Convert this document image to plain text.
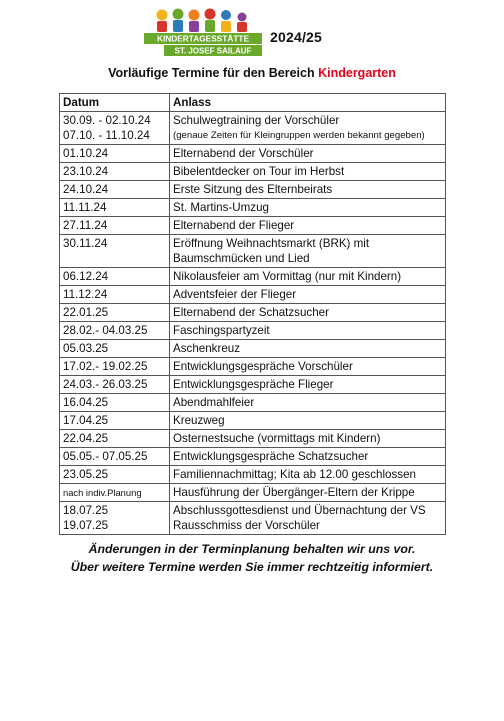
KINDERTAGESSTÄTTE
ST. JOSEF SAILAUF
2024/25
Vorläufige Termine für den Bereich Kindergarten
Datum	Anlass

30.09. - 02.10.24
07.10. - 11.10.24	Schulwegtraining der Vorschüler
(genaue Zeiten für Kleingruppen werden bekannt gegeben)

01.10.24	Elternabend der Vorschüler

23.10.24	Bibelentdecker on Tour im Herbst

24.10.24	Erste Sitzung des Elternbeirats

11.11.24	St. Martins-Umzug

27.11.24	Elternabend der Flieger

30.11.24	Eröffnung Weihnachtsmarkt (BRK) mit
Baumschmücken und Lied

06.12.24	Nikolausfeier am Vormittag (nur mit Kindern)

11.12.24	Adventsfeier der Flieger

22.01.25	Elternabend der Schatzsucher

28.02.- 04.03.25	Faschingspartyzeit

05.03.25	Aschenkreuz

17.02.- 19.02.25	Entwicklungsgespräche Vorschüler

24.03.- 26.03.25	Entwicklungsgespräche Flieger

16.04.25	Abendmahlfeier

17.04.25	Kreuzweg

22.04.25	Osternestsuche (vormittags mit Kindern)

05.05.- 07.05.25	Entwicklungsgespräche Schatzsucher

23.05.25	Familiennachmittag; Kita ab 12.00 geschlossen

nach indiv.Planung	Hausführung der Übergänger-Eltern der Krippe

18.07.25
19.07.25	Abschlussgottesdienst und Übernachtung der VS
Rausschmiss der Vorschüler
Änderungen in der Terminplanung behalten wir uns vor.
Über weitere Termine werden Sie immer rechtzeitig informiert.
